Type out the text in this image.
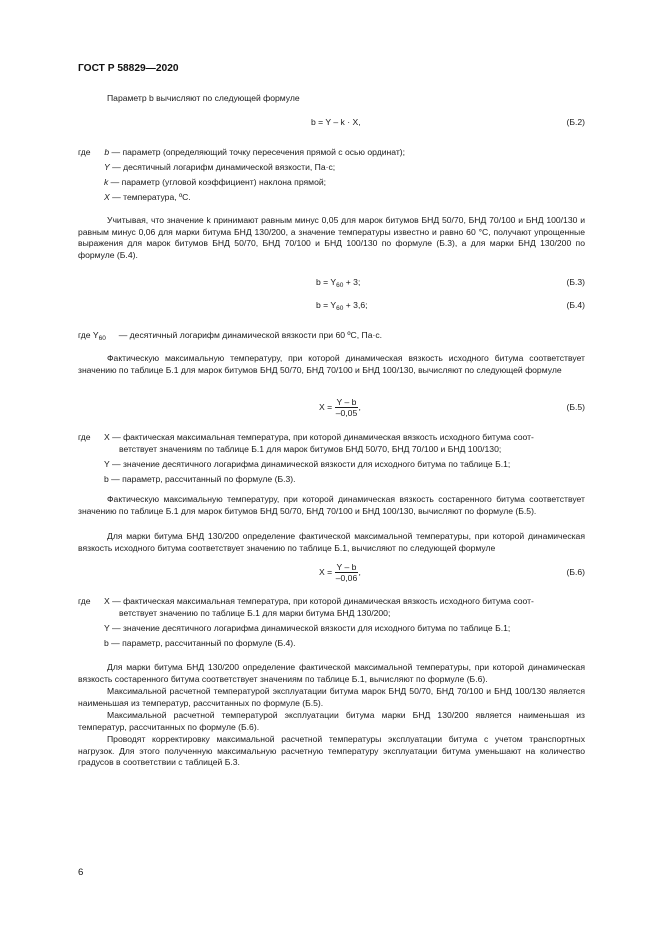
ГОСТ Р 58829—2020
Параметр b вычисляют по следующей формуле
b = Y – k · X,	(Б.2)
где b — параметр (определяющий точку пересечения прямой с осью ординат);
Y — десятичный логарифм динамической вязкости, Па·с;
k — параметр (угловой коэффициент) наклона прямой;
X — температура, ºС.
Учитывая, что значение k принимают равным минус 0,05 для марок битумов БНД 50/70, БНД 70/100 и БНД 100/130 и равным минус 0,06 для марки битума БНД 130/200, а значение температуры известно и равно 60 °С, получают упрощенные выражения для марок битумов БНД 50/70, БНД 70/100 и БНД 100/130 по формуле (Б.3), а для марки БНД 130/200 по формуле (Б.4).
$b = Y_{60} + 3$;	(Б.3)
$b = Y_{60} + 3,6$;	(Б.4)
где $Y_{60}$ — десятичный логарифм динамической вязкости при 60 ºС, Па·с.
Фактическую максимальную температуру, при которой динамическая вязкость исходного битума соответствует значению по таблице Б.1 для марок битумов БНД 50/70, БНД 70/100 и БНД 100/130, вычисляют по следующей формуле
$X = \frac{Y - b}{-0,05}$ ,	(Б.5)
где X — фактическая максимальная температура, при которой динамическая вязкость исходного битума соот-
ветствует значениям по таблице Б.1 для марок битумов БНД 50/70, БНД 70/100 и БНД 100/130;
Y — значение десятичного логарифма динамической вязкости для исходного битума по таблице Б.1;
b — параметр, рассчитанный по формуле (Б.3).
Фактическую максимальную температуру, при которой динамическая вязкость состаренного битума соответствует значению по таблице Б.1 для марок битумов БНД 50/70, БНД 70/100 и БНД 100/130, вычисляют по формуле (Б.5).
Для марки битума БНД 130/200 определение фактической максимальной температуры, при которой динамическая вязкость исходного битума соответствует значению по таблице Б.1, вычисляют по следующей формуле
$X = \frac{Y - b}{-0,06}$ ,	(Б.6)
где X — фактическая максимальная температура, при которой динамическая вязкость исходного битума соот-
ветствует значению по таблице Б.1 для марки битума БНД 130/200;
Y — значение десятичного логарифма динамической вязкости для исходного битума по таблице Б.1;
b — параметр, рассчитанный по формуле (Б.4).
Для марки битума БНД 130/200 определение фактической максимальной температуры, при которой динамическая вязкость состаренного битума соответствует значениям по таблице Б.1, вычисляют по формуле (Б.6).
Максимальной расчетной температурой эксплуатации битума марок БНД 50/70, БНД 70/100 и БНД 100/130 является наименьшая из температур, рассчитанных по формуле (Б.5).
Максимальной расчетной температурой эксплуатации битума марки БНД 130/200 является наименьшая из температур, рассчитанных по формуле (Б.6).
Проводят корректировку максимальной расчетной температуры эксплуатации битума с учетом транспортных нагрузок. Для этого полученную максимальную расчетную температуру эксплуатации битума уменьшают на количество градусов в соответствии с таблицей Б.3.
6
